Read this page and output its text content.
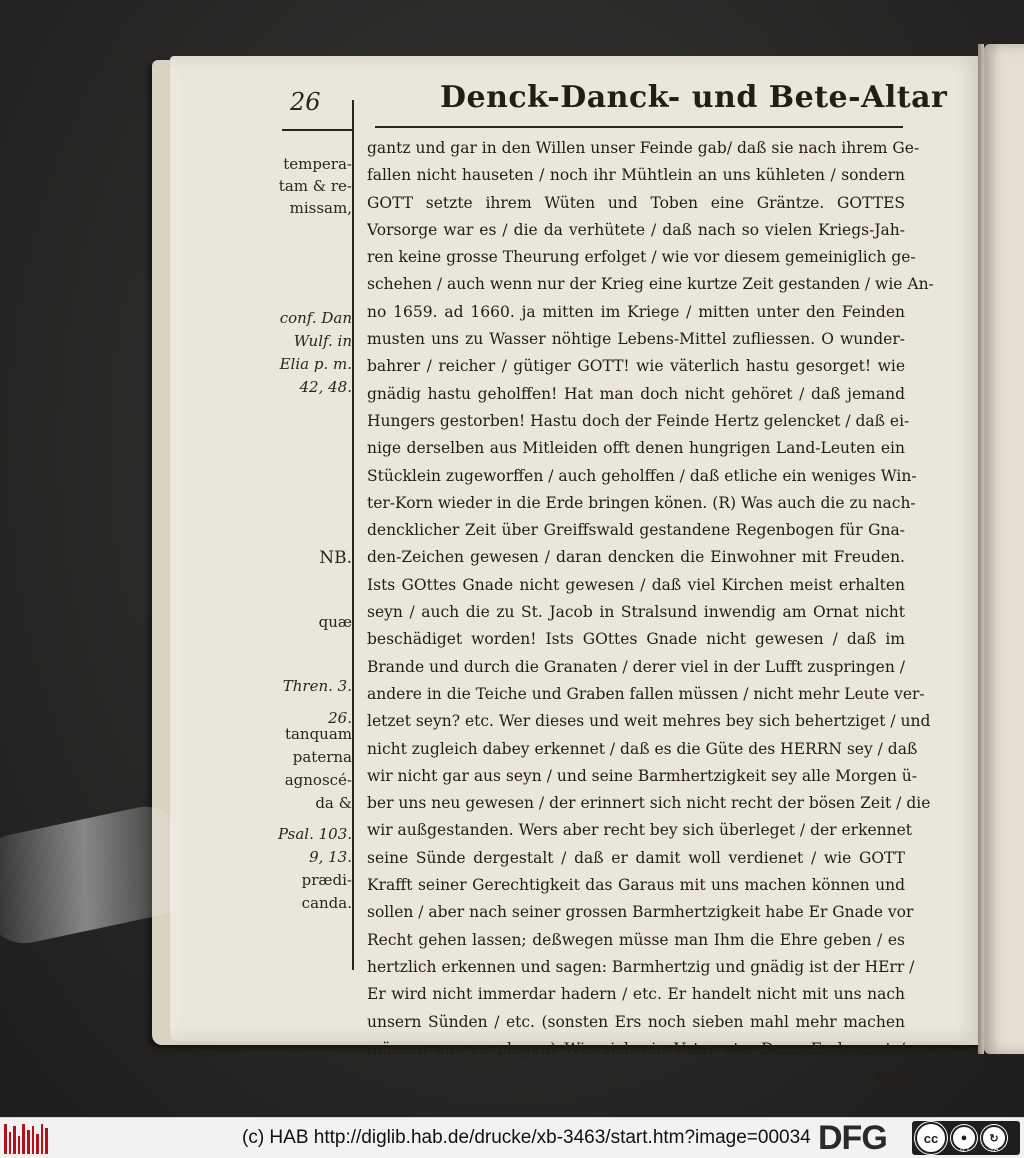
26	Denck-Danck- und Bete-Altar
tempera-
tam & re-
missam,
conf. Dan
Wulf. in
Elia p. m.
42, 48.
NB.
quæ
Thren. 3.
26.
tanquam
paterna
agnoscé-
da &
Psal. 103.
9, 13.
prædi-
canda.
gantz und gar in den Willen unser Feinde gab/ daß sie nach ihrem Ge-
fallen nicht hauseten / noch ihr Mühtlein an uns kühleten / sondern
GOTT setzte ihrem Wüten und Toben eine Gräntze. GOTTES
Vorsorge war es / die da verhütete / daß nach so vielen Kriegs-Jah-
ren keine grosse Theurung erfolget / wie vor diesem gemeiniglich ge-
schehen / auch wenn nur der Krieg eine kurtze Zeit gestanden / wie An-
no 1659. ad 1660. ja mitten im Kriege / mitten unter den Feinden
musten uns zu Wasser nöhtige Lebens-Mittel zufliessen. O wunder-
bahrer / reicher / gütiger GOTT! wie väterlich hastu gesorget! wie
gnädig hastu geholffen! Hat man doch nicht gehöret / daß jemand
Hungers gestorben! Hastu doch der Feinde Hertz gelencket / daß ei-
nige derselben aus Mitleiden offt denen hungrigen Land-Leuten ein
Stücklein zugeworffen / auch geholffen / daß etliche ein weniges Win-
ter-Korn wieder in die Erde bringen könen. (R) Was auch die zu nach-
dencklicher Zeit über Greiffswald gestandene Regenbogen für Gna-
den-Zeichen gewesen / daran dencken die Einwohner mit Freuden.
Ists GOttes Gnade nicht gewesen / daß viel Kirchen meist erhalten
seyn / auch die zu St. Jacob in Stralsund inwendig am Ornat nicht
beschädiget worden! Ists GOttes Gnade nicht gewesen / daß im
Brande und durch die Granaten / derer viel in der Lufft zuspringen /
andere in die Teiche und Graben fallen müssen / nicht mehr Leute ver-
letzet seyn? etc. Wer dieses und weit mehres bey sich behertziget / und
nicht zugleich dabey erkennet / daß es die Güte des HERRN sey / daß
wir nicht gar aus seyn / und seine Barmhertzigkeit sey alle Morgen ü-
ber uns neu gewesen / der erinnert sich nicht recht der bösen Zeit / die
wir außgestanden. Wers aber recht bey sich überleget / der erkennet
seine Sünde dergestalt / daß er damit woll verdienet / wie GOTT
Krafft seiner Gerechtigkeit das Garaus mit uns machen können und
sollen / aber nach seiner grossen Barmhertzigkeit habe Er Gnade vor
Recht gehen lassen; deßwegen müsse man Ihm die Ehre geben / es
hertzlich erkennen und sagen: Barmhertzig und gnädig ist der HErr /
Er wird nicht immerdar hadern / etc. Er handelt nicht mit uns nach
unsern Sünden / etc. (sonsten Ers noch sieben mahl mehr machen
müssen uns zu plagen) Wie sich ein Vater etc. Denn Er kennet /
was
(c) HAB http://diglib.hab.de/drucke/xb-3463/start.htm?image=00034 DFG	cc	●	↻
BY SA
